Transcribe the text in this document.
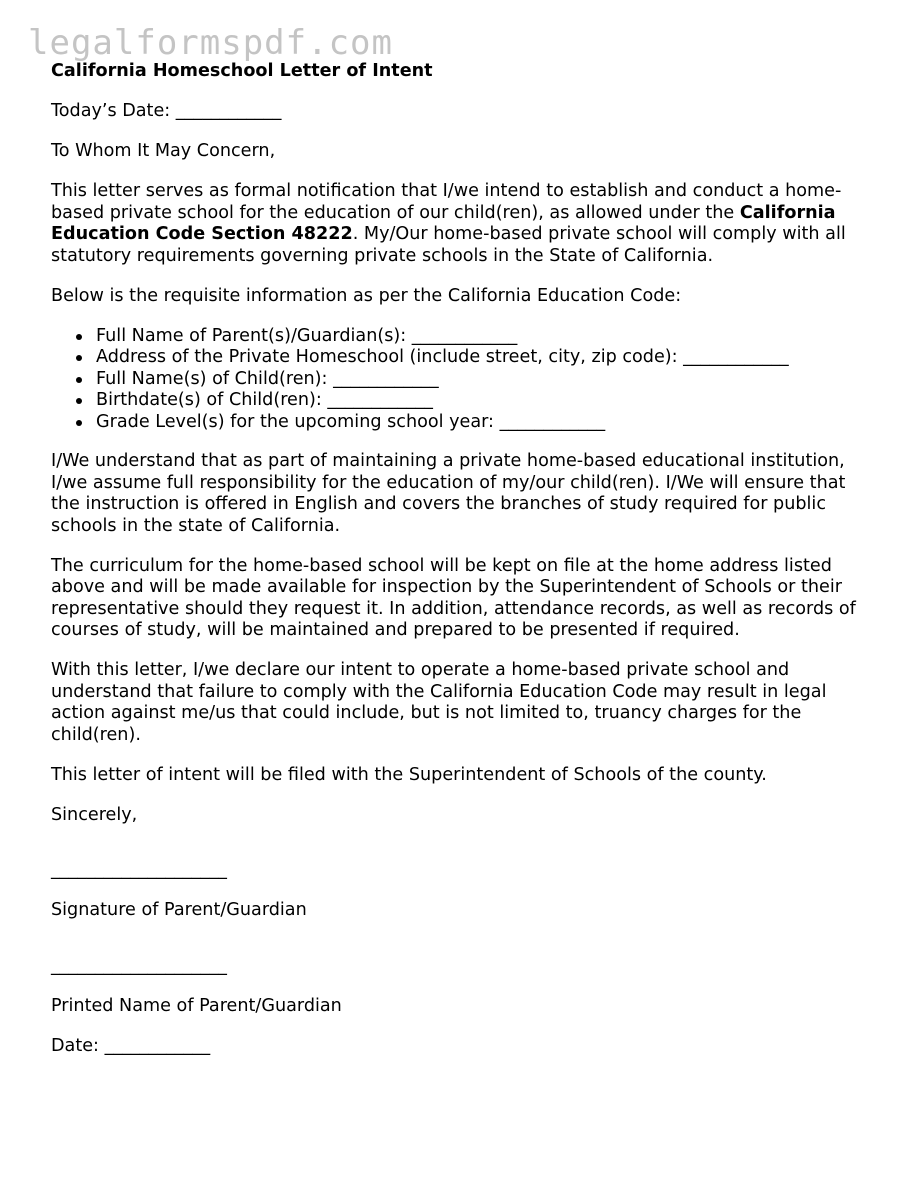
legalformspdf.com

California Homeschool Letter of Intent

Today’s Date: ____________

To Whom It May Concern,

This letter serves as formal notification that I/we intend to establish and conduct a home-based private school for the education of our child(ren), as allowed under the California Education Code Section 48222. My/Our home-based private school will comply with all statutory requirements governing private schools in the State of California.

Below is the requisite information as per the California Education Code:

Full Name of Parent(s)/Guardian(s): ____________
Address of the Private Homeschool (include street, city, zip code): ____________
Full Name(s) of Child(ren): ____________
Birthdate(s) of Child(ren): ____________
Grade Level(s) for the upcoming school year: ____________

I/We understand that as part of maintaining a private home-based educational institution, I/we assume full responsibility for the education of my/our child(ren). I/We will ensure that the instruction is offered in English and covers the branches of study required for public schools in the state of California.

The curriculum for the home-based school will be kept on file at the home address listed above and will be made available for inspection by the Superintendent of Schools or their representative should they request it. In addition, attendance records, as well as records of courses of study, will be maintained and prepared to be presented if required.

With this letter, I/we declare our intent to operate a home-based private school and understand that failure to comply with the California Education Code may result in legal action against me/us that could include, but is not limited to, truancy charges for the child(ren).

This letter of intent will be filed with the Superintendent of Schools of the county.

Sincerely,

____________________

Signature of Parent/Guardian

____________________

Printed Name of Parent/Guardian

Date: ____________
